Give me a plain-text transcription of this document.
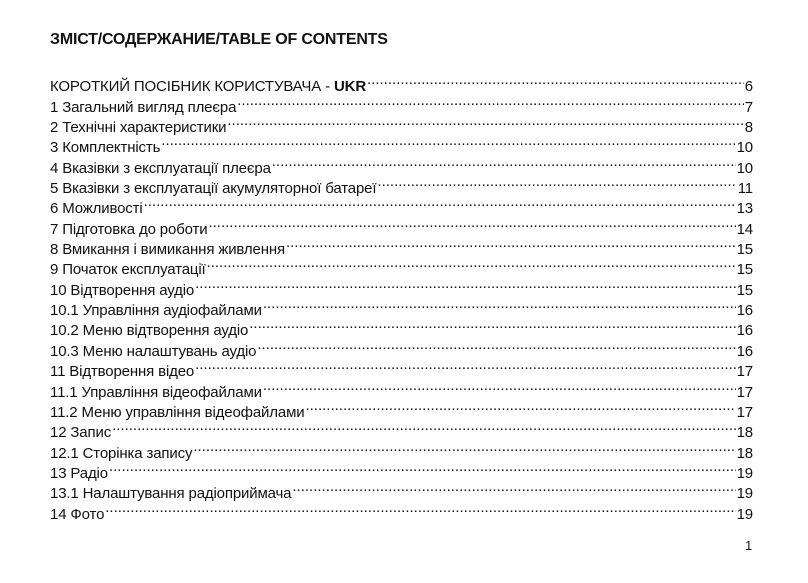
ЗМІСТ/СОДЕРЖАНИЕ/TABLE OF CONTENTS
КОРОТКИЙ ПОСІБНИК КОРИСТУВАЧА - UKR .....	6
1 Загальний вигляд плеєра .....	7
2 Технічні характеристики .....	8
3 Комплектність .....	10
4 Вказівки з експлуатації плеєра .....	10
5 Вказівки з експлуатації акумуляторної батареї .....	11
6 Можливості .....	13
7 Підготовка до роботи .....	14
8 Вмикання і вимикання живлення .....	15
9 Початок експлуатації .....	15
10 Відтворення аудіо .....	15
10.1 Управління аудіофайлами .....	16
10.2 Меню відтворення аудіо .....	16
10.3 Меню налаштувань аудіо .....	16
11 Відтворення відео .....	17
11.1 Управління відеофайлами .....	17
11.2 Меню управління відеофайлами .....	17
12 Запис .....	18
12.1 Сторінка запису .....	18
13 Радіо .....	19
13.1 Налаштування радіоприймача .....	19
14 Фото .....	19
1
